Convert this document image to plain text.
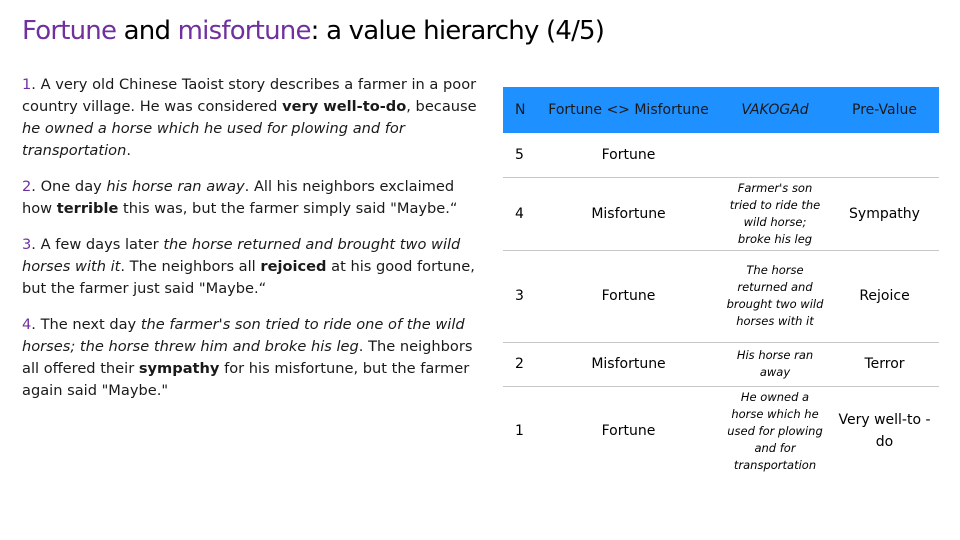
Fortune and misfortune: a value hierarchy (4/5)

1. A very old Chinese Taoist story describes a farmer in a poor country village. He was considered very well-to-do, because he owned a horse which he used for plowing and for transportation.

2. One day his horse ran away. All his neighbors exclaimed how terrible this was, but the farmer simply said "Maybe.“

3. A few days later the horse returned and brought two wild horses with it. The neighbors all rejoiced at his good fortune, but the farmer just said "Maybe.“

4. The next day the farmer's son tried to ride one of the wild horses; the horse threw him and broke his leg. The neighbors all offered their sympathy for his misfortune, but the farmer again said "Maybe."

N	Fortune <> Misfortune	VAKOGAd	Pre-Value
5	Fortune		
4	Misfortune	Farmer's son tried to ride the wild horse; broke his leg	Sympathy
3	Fortune	The horse returned and brought two wild horses with it	Rejoice
2	Misfortune	His horse ran away	Terror
1	Fortune	He owned a horse which he used for plowing and for transportation	Very well-to -do
